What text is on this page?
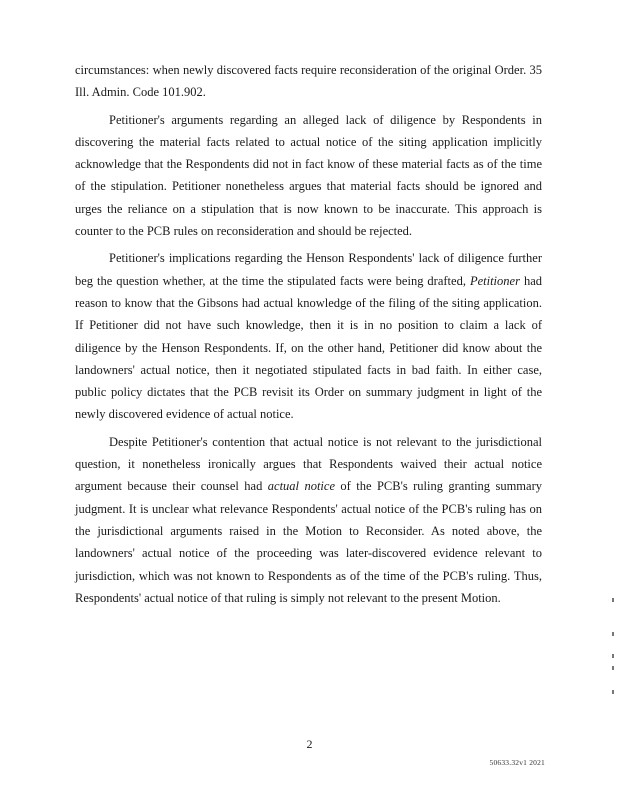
circumstances: when newly discovered facts require reconsideration of the original Order. 35 Ill. Admin. Code 101.902.

Petitioner's arguments regarding an alleged lack of diligence by Respondents in discovering the material facts related to actual notice of the siting application implicitly acknowledge that the Respondents did not in fact know of these material facts as of the time of the stipulation. Petitioner nonetheless argues that material facts should be ignored and urges the reliance on a stipulation that is now known to be inaccurate. This approach is counter to the PCB rules on reconsideration and should be rejected.

Petitioner's implications regarding the Henson Respondents' lack of diligence further beg the question whether, at the time the stipulated facts were being drafted, Petitioner had reason to know that the Gibsons had actual knowledge of the filing of the siting application. If Petitioner did not have such knowledge, then it is in no position to claim a lack of diligence by the Henson Respondents. If, on the other hand, Petitioner did know about the landowners' actual notice, then it negotiated stipulated facts in bad faith. In either case, public policy dictates that the PCB revisit its Order on summary judgment in light of the newly discovered evidence of actual notice.

Despite Petitioner's contention that actual notice is not relevant to the jurisdictional question, it nonetheless ironically argues that Respondents waived their actual notice argument because their counsel had actual notice of the PCB's ruling granting summary judgment. It is unclear what relevance Respondents' actual notice of the PCB's ruling has on the jurisdictional arguments raised in the Motion to Reconsider. As noted above, the landowners' actual notice of the proceeding was later-discovered evidence relevant to jurisdiction, which was not known to Respondents as of the time of the PCB's ruling. Thus, Respondents' actual notice of that ruling is simply not relevant to the present Motion.

2
50633.32v1 2021
